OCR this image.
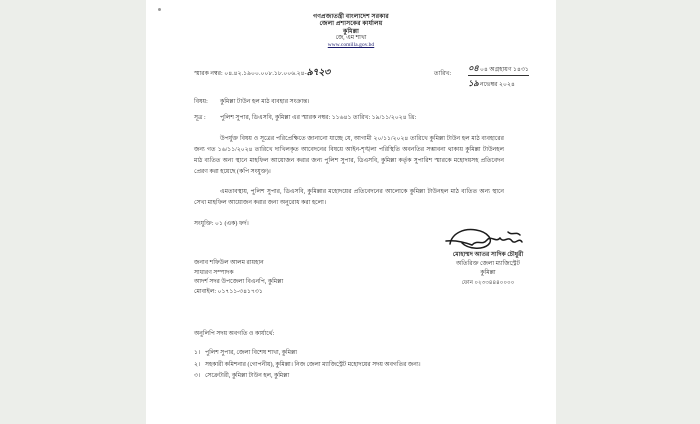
গণপ্রজাতন্ত্রী বাংলাদেশ সরকার
জেলা প্রশাসকের কার্যালয়
কুমিল্লা
জে, এম শাখা
www.comilla.gov.bd
স্মারক নম্বর: ০৪.৪২.১৯০০.০০৮.১৮.০০৬.২৪-৯৭২৩	তারিখ:
০৪ ০৪ অগ্রহায়ণ ১৪৩১
১৯ নভেম্বর ২০২৪
বিষয়: কুমিল্লা টাউন হল মাঠ ব্যবহার সংক্রান্ত।
সূত্র : পুলিশ সুপার, ডিএসবি, কুমিল্লা এর স্মারক নম্বর: ১১৬৪১ তারিখ: ১৯/১১/২০২৪ খ্রি:
উপর্যুক্ত বিষয় ও সূত্রের পরিপ্রেক্ষিতে জানানো যাচ্ছে যে, আগামী ২০/১১/২০২৪ তারিখে কুমিল্লা টাউন হল মাঠ ব্যবহারের জন্য গত ১৬/১১/২০২৪ তারিখে দাখিলকৃত আবেদনের বিষয়ে আইন-শৃঙ্খলা পরিস্থিতি অবনতির সম্ভাবনা থাকায় কুমিল্লা টাউনহল মাঠ ব্যতিত অন্য স্থানে মাহফিল আয়োজন করার জন্য পুলিশ সুপার, ডিএসবি, কুমিল্লা কর্তৃক সুপারিশ স্মারকে মহোদয়সহ প্রতিবেদন প্রেরণ করা হয়েছে (কপি সংযুক্ত)।
এমতাবস্থায়, পুলিশ সুপার, ডিএসবি, কুমিল্লার মহোদয়ের প্রতিবেদনের আলোকে কুমিল্লা টাউনহল মাঠ ব্যতিত অন্য স্থানে সেখা মাহফিল আয়োজন করার জন্য অনুরোধ করা হলো।
সংযুক্তি: ০১ (এক) ফর্দ।
মোহাম্মদ আতর সাদিক চৌধুরী
অতিরিক্ত জেলা ম্যাজিস্ট্রেট
কুমিল্লা
ফোন ০২৩৩৪৪৪০০০০
জনাব শফিউল আলম রায়হান
সাধারণ সম্পাদক
আদর্শ সদর উপজেলা বিএনপি, কুমিল্লা
মোবাইল: ০১৭১১-৩৪১৭৩১
অনুলিপি সদয় অবগতি ও কার্যার্থে:
১। পুলিশ সুপার, জেলা বিশেষ শাখা, কুমিল্লা
২। সহকারী কমিশনার (গোপনীয়), কুমিল্লা। নিজ জেলা ম্যাজিস্ট্রেট মহোদয়ের সদয় অবগতির জন্য।
৩। সেক্রেটারী, কুমিল্লা টাউন হল, কুমিল্লা
